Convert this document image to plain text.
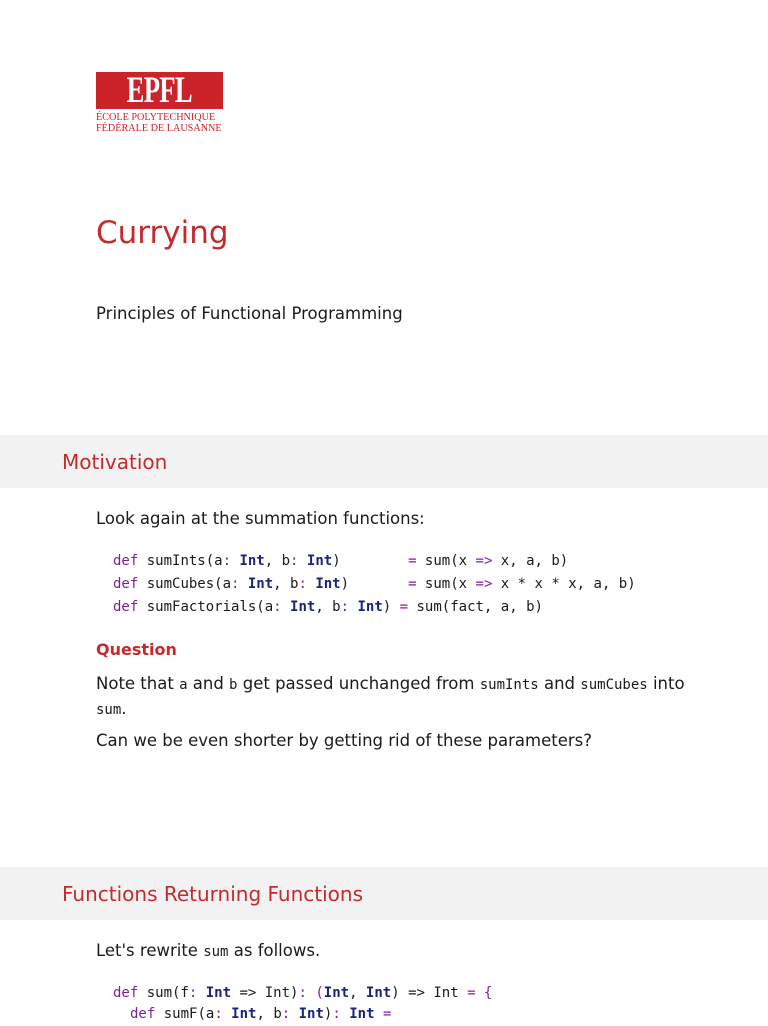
EPFL
ÉCOLE POLYTECHNIQUE
FÉDÉRALE DE LAUSANNE
Currying
Principles of Functional Programming
Motivation
Look again at the summation functions:
def sumInts(a: Int, b: Int)        = sum(x => x, a, b)
def sumCubes(a: Int, b: Int)       = sum(x => x * x * x, a, b)
def sumFactorials(a: Int, b: Int) = sum(fact, a, b)
Question
Note that a and b get passed unchanged from sumInts and sumCubes into sum.
Can we be even shorter by getting rid of these parameters?
Functions Returning Functions
Let's rewrite sum as follows.
def sum(f: Int => Int): (Int, Int) => Int = {
def sumF(a: Int, b: Int): Int =
